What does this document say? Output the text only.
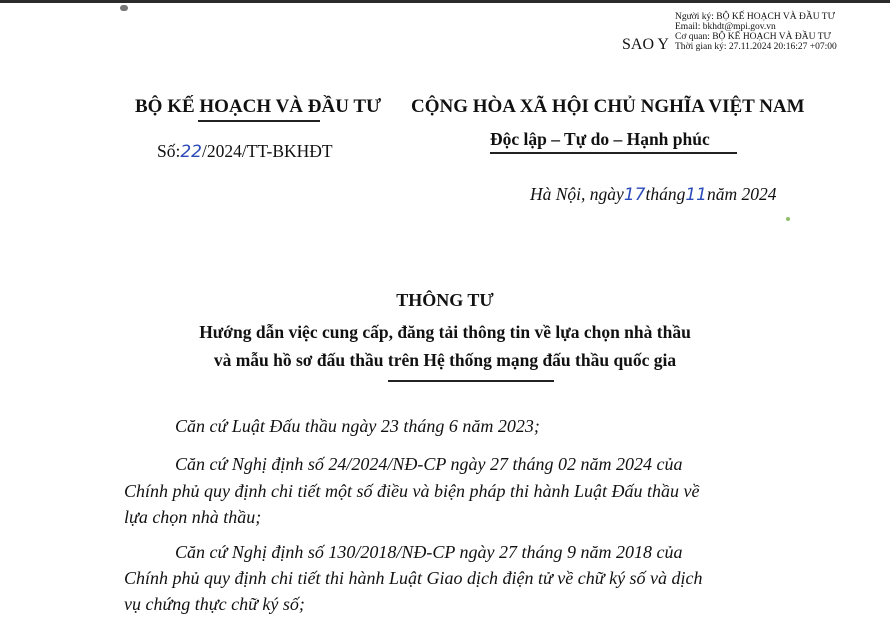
SAO Y
Người ký: BỘ KẾ HOẠCH VÀ ĐẦU TƯ
Email: bkhdt@mpi.gov.vn
Cơ quan: BỘ KẾ HOẠCH VÀ ĐẦU TƯ
Thời gian ký: 27.11.2024 20:16:27 +07:00
BỘ KẾ HOẠCH VÀ ĐẦU TƯ CỘNG HÒA XÃ HỘI CHỦ NGHĨA VIỆT NAM
Độc lập – Tự do – Hạnh phúc
Số:22/2024/TT-BKHĐT
Hà Nội, ngày17tháng11năm 2024
THÔNG TƯ
Hướng dẫn việc cung cấp, đăng tải thông tin về lựa chọn nhà thầu
và mẫu hồ sơ đấu thầu trên Hệ thống mạng đấu thầu quốc gia
Căn cứ Luật Đấu thầu ngày 23 tháng 6 năm 2023;
Căn cứ Nghị định số 24/2024/NĐ-CP ngày 27 tháng 02 năm 2024 của
Chính phủ quy định chi tiết một số điều và biện pháp thi hành Luật Đấu thầu về
lựa chọn nhà thầu;
Căn cứ Nghị định số 130/2018/NĐ-CP ngày 27 tháng 9 năm 2018 của
Chính phủ quy định chi tiết thi hành Luật Giao dịch điện tử về chữ ký số và dịch
vụ chứng thực chữ ký số;
